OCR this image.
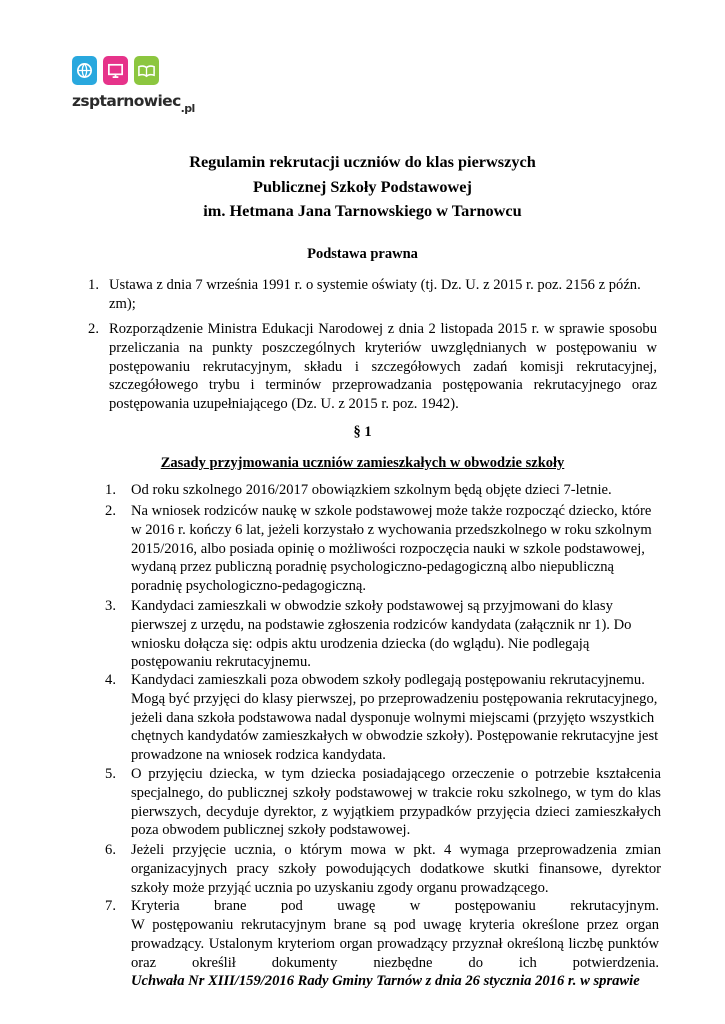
zsptarnowiec$_{.pl}$
Regulamin rekrutacji uczniów do klas pierwszych
Publicznej Szkoły Podstawowej
im. Hetmana Jana Tarnowskiego w Tarnowcu
Podstawa prawna
1. Ustawa z dnia 7 września 1991 r. o systemie oświaty (tj. Dz. U. z 2015 r. poz. 2156 z późn. zm);
2. Rozporządzenie Ministra Edukacji Narodowej z dnia 2 listopada 2015 r. w sprawie sposobu przeliczania na punkty poszczególnych kryteriów uwzględnianych w postępowaniu w postępowaniu rekrutacyjnym, składu i szczegółowych zadań komisji rekrutacyjnej, szczegółowego trybu i terminów przeprowadzania postępowania rekrutacyjnego oraz postępowania uzupełniającego (Dz. U. z 2015 r. poz. 1942).
§ 1
Zasady przyjmowania uczniów zamieszkałych w obwodzie szkoły
1. Od roku szkolnego 2016/2017 obowiązkiem szkolnym będą objęte dzieci 7-letnie.
2. Na wniosek rodziców naukę w szkole podstawowej może także rozpocząć dziecko, które w 2016 r. kończy 6 lat, jeżeli korzystało z wychowania przedszkolnego w roku szkolnym 2015/2016, albo posiada opinię o możliwości rozpoczęcia nauki w szkole podstawowej, wydaną przez publiczną poradnię psychologiczno-pedagogiczną albo niepubliczną poradnię psychologiczno-pedagogiczną.
3. Kandydaci zamieszkali w obwodzie szkoły podstawowej są przyjmowani do klasy pierwszej z urzędu, na podstawie zgłoszenia rodziców kandydata (załącznik nr 1). Do wniosku dołącza się: odpis aktu urodzenia dziecka (do wglądu). Nie podlegają postępowaniu rekrutacyjnemu.
4. Kandydaci zamieszkali poza obwodem szkoły podlegają postępowaniu rekrutacyjnemu. Mogą być przyjęci do klasy pierwszej, po przeprowadzeniu postępowania rekrutacyjnego, jeżeli dana szkoła podstawowa nadal dysponuje wolnymi miejscami (przyjęto wszystkich chętnych kandydatów zamieszkałych w obwodzie szkoły). Postępowanie rekrutacyjne jest prowadzone na wniosek rodzica kandydata.
5. O przyjęciu dziecka, w tym dziecka posiadającego orzeczenie o potrzebie kształcenia specjalnego, do publicznej szkoły podstawowej w trakcie roku szkolnego, w tym do klas pierwszych, decyduje dyrektor, z wyjątkiem przypadków przyjęcia dzieci zamieszkałych poza obwodem publicznej szkoły podstawowej.
6. Jeżeli przyjęcie ucznia, o którym mowa w pkt. 4 wymaga przeprowadzenia zmian organizacyjnych pracy szkoły powodujących dodatkowe skutki finansowe, dyrektor szkoły może przyjąć ucznia po uzyskaniu zgody organu prowadzącego.
7. Kryteria brane pod uwagę w postępowaniu rekrutacyjnym.
W postępowaniu rekrutacyjnym brane są pod uwagę kryteria określone przez organ prowadzący. Ustalonym kryteriom organ prowadzący przyznał określoną liczbę punktów oraz określił dokumenty niezbędne do ich potwierdzenia.
Uchwała Nr XIII/159/2016 Rady Gminy Tarnów z dnia 26 stycznia 2016 r. w sprawie
